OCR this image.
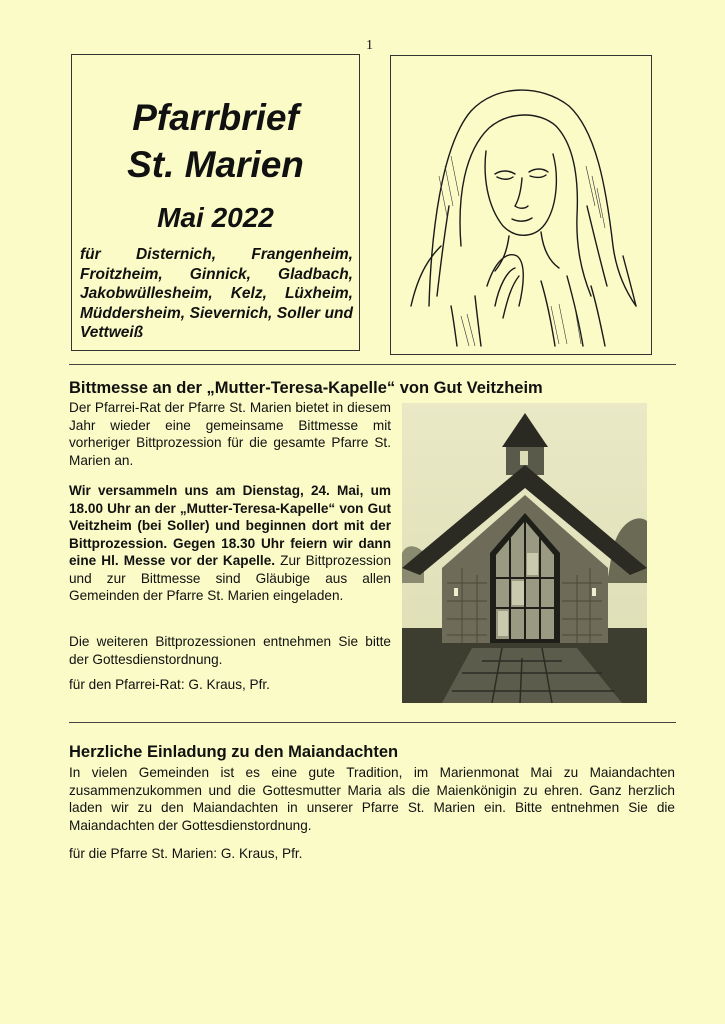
1
Pfarrbrief
St. Marien
Mai 2022
für Disternich, Frangenheim, Froitzheim, Ginnick, Gladbach, Jakobwüllesheim, Kelz, Lüxheim, Müddersheim, Sievernich, Soller und Vettweiß
Bittmesse an der „Mutter-Teresa-Kapelle“ von Gut Veitzheim

Der Pfarrei-Rat der Pfarre St. Marien bietet in diesem Jahr wieder eine gemeinsame Bittmesse mit vorheriger Bittprozession für die gesamte Pfarre St. Marien an.

Wir versammeln uns am Dienstag, 24. Mai, um 18.00 Uhr an der „Mutter-Teresa-Kapelle“ von Gut Veitzheim (bei Soller) und beginnen dort mit der Bittprozession. Gegen 18.30 Uhr feiern wir dann eine Hl. Messe vor der Kapelle. Zur Bittprozession und zur Bittmesse sind Gläubige aus allen Gemeinden der Pfarre St. Marien eingeladen.

Die weiteren Bittprozessionen entnehmen Sie bitte der Gottesdienstordnung.

für den Pfarrei-Rat: G. Kraus, Pfr.
Herzliche Einladung zu den Maiandachten

In vielen Gemeinden ist es eine gute Tradition, im Marienmonat Mai zu Maiandachten zusammenzukommen und die Gottesmutter Maria als die Maienkönigin zu ehren. Ganz herzlich laden wir zu den Maiandachten in unserer Pfarre St. Marien ein. Bitte entnehmen Sie die Maiandachten der Gottesdienstordnung.

für die Pfarre St. Marien: G. Kraus, Pfr.
